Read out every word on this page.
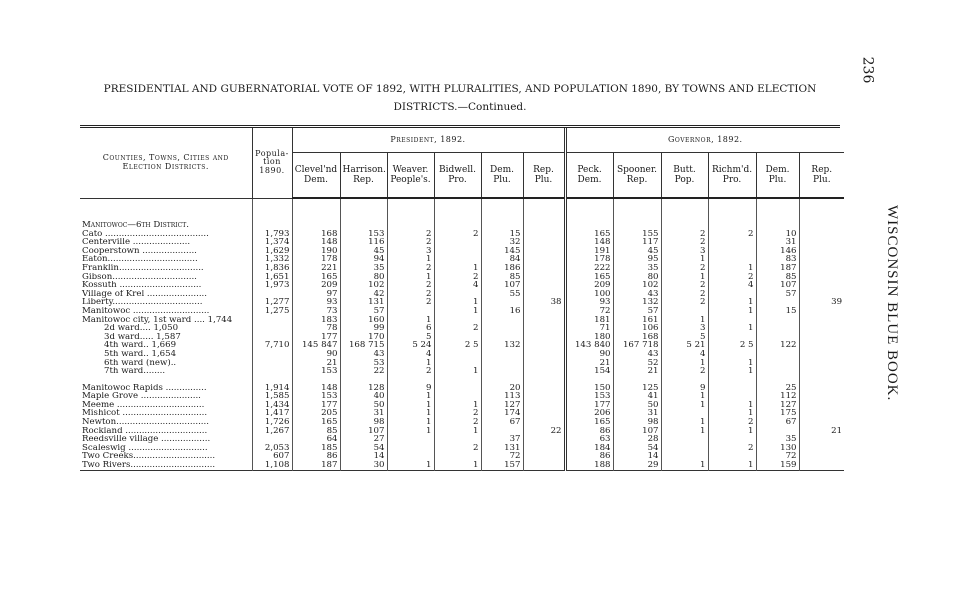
236
WISCONSIN BLUE BOOK.
PRESIDENTIAL AND GUBERNATORIAL VOTE OF 1892, WITH PLURALITIES, AND POPULATION 1890, BY TOWNS AND ELECTION
DISTRICTS.—Continued.
Counties, Towns, Cities and Election Districts.	Popula- tion 1890.	President, 1892.						Governor, 1892.					
		Clevel'nd Dem.	Harrison. Rep.	Weaver. People's.	Bidwell. Pro.	Dem. Plu.	Rep. Plu.	Peck. Dem.	Spooner. Rep.	Butt. Pop.	Richm'd. Pro.	Dem. Plu.	Rep. Plu.

Manitowoc—6th District.													
Cato ......................................	1,793	168	153	2	2	15		165	155	2	2	10	
Centerville .....................	1,374	148	116	2		32		148	117	2		31	
Cooperstown ....................	1,629	190	45	3		145		191	45	3		146	
Eaton.................................	1,332	178	94	1		84		178	95	1		83	
Franklin...............................	1,836	221	35	2	1	186		222	35	2	1	187	
Gibson...............................	1,651	165	80	1	2	85		165	80	1	2	85	
Kossuth ..............................	1,973	209	102	2	4	107		209	102	2	4	107	
Village of Krel ......................		97	42	2		55		100	43	2		57	
Liberty.................................	1,277	93	131	2	1		38	93	132	2	1		39
Manitowoc ............................	1,275	73	57		1	16		72	57		1	15	
Manitowoc city, 1st ward .... 1,744		183	160	1				181	161	1			
2d ward.... 1,050		78	99	6	2			71	106	3	1		
3d ward..... 1,587		177	170	5				180	168	5			
4th ward.. 1,669	7,710	145 847	168 715	5 24	2 5	132		143 840	167 718	5 21	2 5	122	
5th ward.. 1,654		90	43	4				90	43	4			
6th ward (new)..		21	53	1				21	52	1	1		
7th ward........		153	22	2	1			154	21	2	1		

Manitowoc Rapids ...............	1,914	148	128	9		20		150	125	9		25	
Maple Grove ......................	1,585	153	40	1		113		153	41	1		112	
Meeme ................................	1,434	177	50	1	1	127		177	50	1	1	127	
Mishicot ...............................	1,417	205	31	1	2	174		206	31		1	175	
Newton..................................	1,726	165	98	1	2	67		165	98	1	2	67	
Rockland ..............................	1,267	85	107	1	1		22	86	107	1	1		21
Reedsville village ..................		64	27			37		63	28			35	
Scaleswig .............................	2,053	185	54		2	131		184	54		2	130	
Two Creeks..............................	607	86	14			72		86	14			72	
Two Rivers...............................	1,108	187	30	1	1	157		188	29	1	1	159	
